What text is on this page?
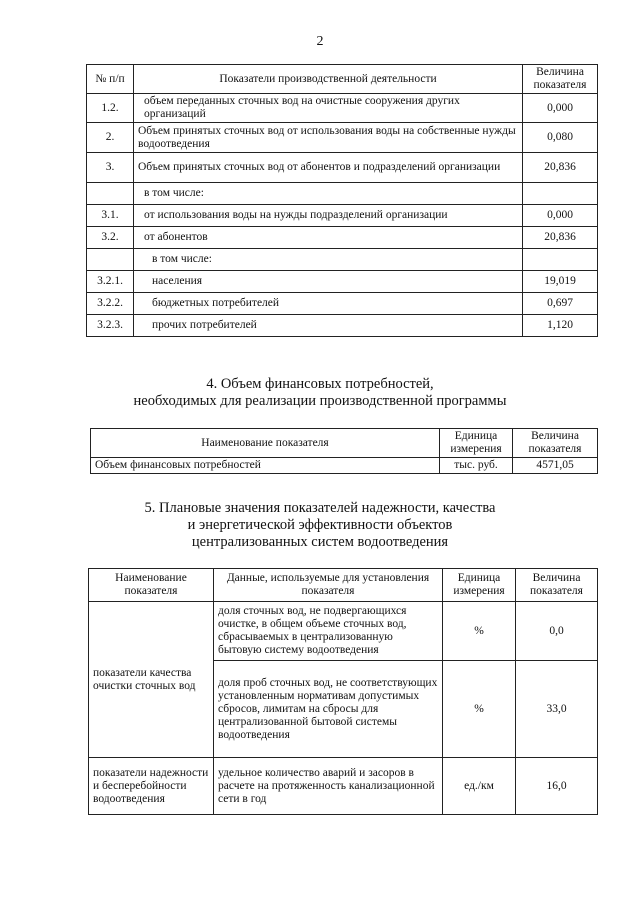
2
№ п/п	Показатели производственной деятельности	Величина показателя
1.2.	объем переданных сточных вод на очистные сооружения других организаций	0,000
2.	Объем принятых сточных вод от использования воды на собственные нужды водоотведения	0,080
3.	Объем принятых сточных вод от абонентов и подразделений организации	20,836
	в том числе:	
3.1.	от использования воды на нужды подразделений организации	0,000
3.2.	от абонентов	20,836
	в том числе:	
3.2.1.	населения	19,019
3.2.2.	бюджетных потребителей	0,697
3.2.3.	прочих потребителей	1,120
4. Объем финансовых потребностей,
необходимых для реализации производственной программы
Наименование показателя	Единица измерения	Величина показателя
Объем финансовых потребностей	тыс. руб.	4571,05
5. Плановые значения показателей надежности, качества
и энергетической эффективности объектов
централизованных систем водоотведения
Наименование показателя	Данные, используемые для установления показателя	Единица измерения	Величина показателя
показатели качества очистки сточных вод	доля сточных вод, не подвергающихся очистке, в общем объеме сточных вод, сбрасываемых в централизованную бытовую систему водоотведения	%	0,0
	доля проб сточных вод, не соответствующих установленным нормативам допустимых сбросов, лимитам на сбросы для централизованной бытовой системы водоотведения	%	33,0
показатели надежности и бесперебойности водоотведения	удельное количество аварий и засоров в расчете на протяженность канализационной сети в год	ед./км	16,0
